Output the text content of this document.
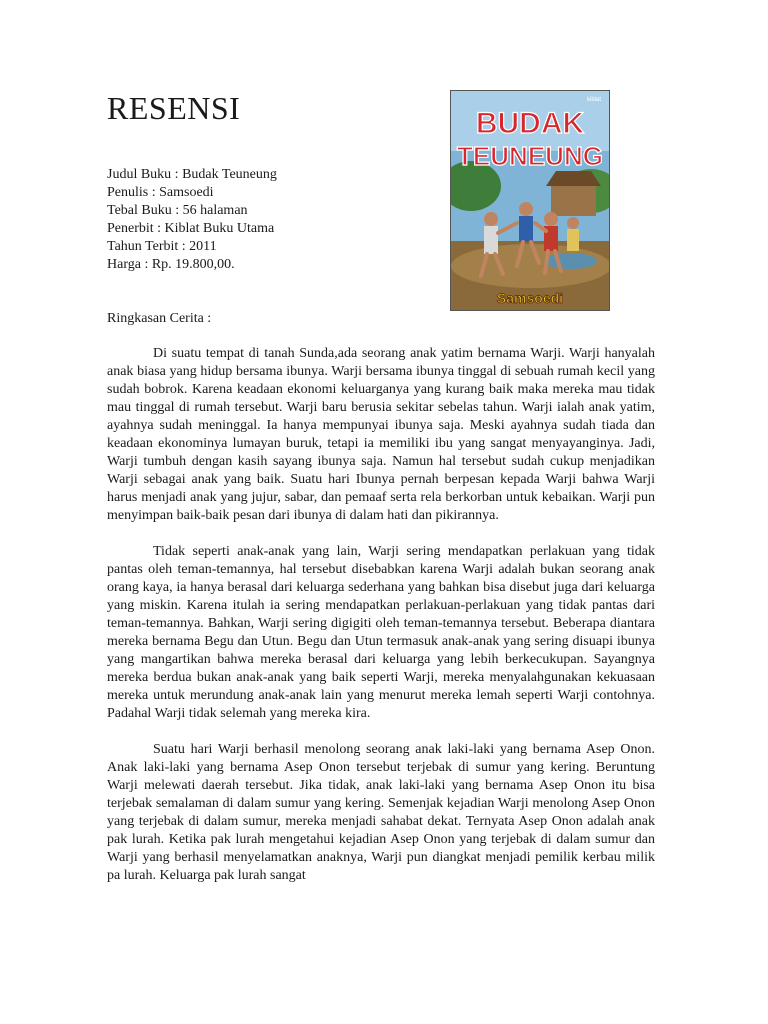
RESENSI
Judul Buku : Budak Teuneung
Penulis : Samsoedi
Tebal Buku : 56 halaman
Penerbit : Kiblat Buku Utama
Tahun Terbit : 2011
Harga : Rp. 19.800,00.
kiblat
BUDAK
TEUNEUNG
Samsoedi

Ringkasan Cerita :

Di suatu tempat di tanah Sunda,ada seorang anak yatim bernama Warji. Warji hanyalah anak biasa yang hidup bersama ibunya. Warji bersama ibunya tinggal di sebuah rumah kecil yang sudah bobrok. Karena keadaan ekonomi keluarganya yang kurang baik maka mereka mau tidak mau tinggal di rumah tersebut. Warji baru berusia sekitar sebelas tahun. Warji ialah anak yatim, ayahnya sudah meninggal. Ia hanya mempunyai ibunya saja. Meski ayahnya sudah tiada dan keadaan ekonominya lumayan buruk, tetapi ia memiliki ibu yang sangat menyayanginya. Jadi, Warji tumbuh dengan kasih sayang ibunya saja. Namun hal tersebut sudah cukup menjadikan Warji sebagai anak yang baik. Suatu hari Ibunya pernah berpesan kepada Warji bahwa Warji harus menjadi anak yang jujur, sabar, dan pemaaf serta rela berkorban untuk kebaikan. Warji pun menyimpan baik-baik pesan dari ibunya di dalam hati dan pikirannya.

Tidak seperti anak-anak yang lain, Warji sering mendapatkan perlakuan yang tidak pantas oleh teman-temannya, hal tersebut disebabkan karena Warji adalah bukan seorang anak orang kaya, ia hanya berasal dari keluarga sederhana yang bahkan bisa disebut juga dari keluarga yang miskin. Karena itulah ia sering mendapatkan perlakuan-perlakuan yang tidak pantas dari teman-temannya. Bahkan, Warji sering digigiti oleh teman-temannya tersebut. Beberapa diantara mereka bernama Begu dan Utun. Begu dan Utun termasuk anak-anak yang sering disuapi ibunya yang mangartikan bahwa mereka berasal dari keluarga yang lebih berkecukupan. Sayangnya mereka berdua bukan anak-anak yang baik seperti Warji, mereka menyalahgunakan kekuasaan mereka untuk merundung anak-anak lain yang menurut mereka lemah seperti Warji contohnya. Padahal Warji tidak selemah yang mereka kira.

Suatu hari Warji berhasil menolong seorang anak laki-laki yang bernama Asep Onon. Anak laki-laki yang bernama Asep Onon tersebut terjebak di sumur yang kering. Beruntung Warji melewati daerah tersebut. Jika tidak, anak laki-laki yang bernama Asep Onon itu bisa terjebak semalaman di dalam sumur yang kering. Semenjak kejadian Warji menolong Asep Onon yang terjebak di dalam sumur, mereka menjadi sahabat dekat. Ternyata Asep Onon adalah anak pak lurah. Ketika pak lurah mengetahui kejadian Asep Onon yang terjebak di dalam sumur dan Warji yang berhasil menyelamatkan anaknya, Warji pun diangkat menjadi pemilik kerbau milik pa lurah. Keluarga pak lurah sangat
